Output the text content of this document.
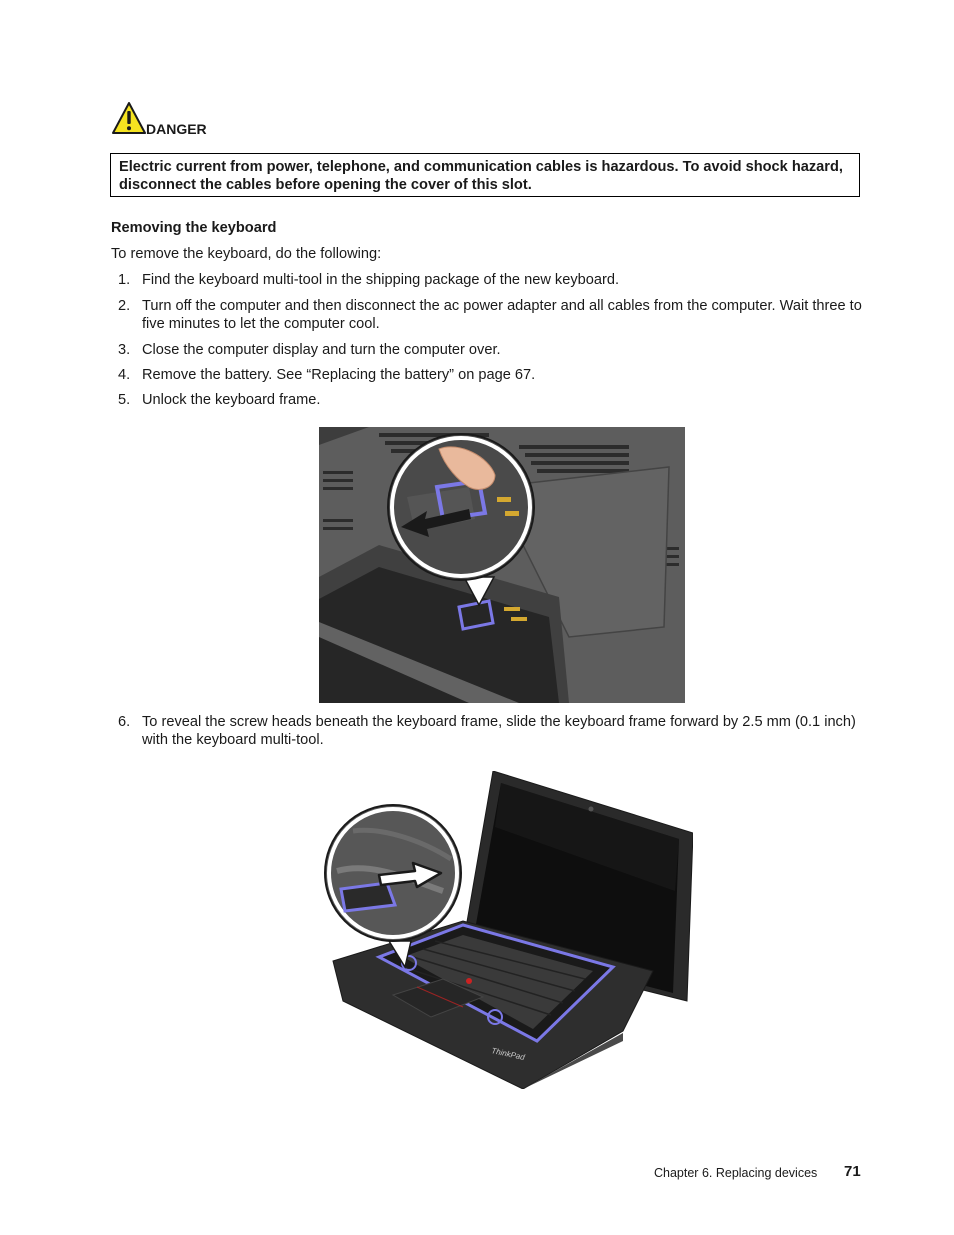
DANGER
Electric current from power, telephone, and communication cables is hazardous. To avoid shock hazard, disconnect the cables before opening the cover of this slot.
Removing the keyboard
To remove the keyboard, do the following:
1. Find the keyboard multi-tool in the shipping package of the new keyboard.
2. Turn off the computer and then disconnect the ac power adapter and all cables from the computer. Wait three to five minutes to let the computer cool.
3. Close the computer display and turn the computer over.
4. Remove the battery. See “Replacing the battery” on page 67.
5. Unlock the keyboard frame.
6. To reveal the screw heads beneath the keyboard frame, slide the keyboard frame forward by 2.5 mm (0.1 inch) with the keyboard multi-tool.
ThinkPad
Chapter 6. Replacing devices 71
